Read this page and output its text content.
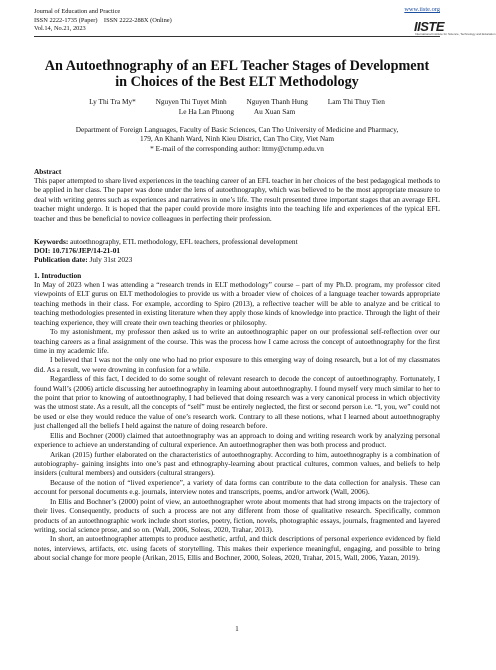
Journal of Education and Practice
ISSN 2222-1735 (Paper)    ISSN 2222-288X (Online)
Vol.14, No.21, 2023
www.iiste.org
IISTE
International Institute for Science, Technology and Education
An Autoethnography of an EFL Teacher Stages of Development
in Choices of the Best ELT Methodology
Ly Thi Tra My*	Nguyen Thi Tuyet Minh	Nguyen Thanh Hung	Lam Thi Thuy Tien
Le Ha Lan Phuong	Au Xuan Sam
Department of Foreign Languages, Faculty of Basic Sciences, Can Tho University of Medicine and Pharmacy,
179, An Khanh Ward, Ninh Kieu District, Can Tho City, Viet Nam
* E-mail of the corresponding author: lttmy@ctump.edu.vn
Abstract
This paper attempted to share lived experiences in the teaching career of an EFL teacher in her choices of the best pedagogical methods to be applied in her class. The paper was done under the lens of autoethnography, which was believed to be the most appropriate measure to deal with writing genres such as experiences and narratives in one’s life. The result presented three important stages that an average EFL teacher might undergo. It is hoped that the paper could provide more insights into the teaching life and experiences of the typical EFL teacher and thus be beneficial to novice colleagues in perfecting their profession.
Keywords: autoethnography, ETL methodology, EFL teachers, professional development
DOI: 10.7176/JEP/14-21-01
Publication date: July 31st 2023
1. Introduction

In May of 2023 when I was attending a “research trends in ELT methodology” course – part of my Ph.D. program, my professor cited viewpoints of ELT gurus on ELT methodologies to provide us with a broader view of choices of a language teacher towards appropriate teaching methods in their class. For example, according to Spiro (2013), a reflective teacher will be able to analyze and be critical to teaching methodologies presented in existing literature when they apply those kinds of knowledge into practice. Through the light of their teaching experience, they will create their own teaching theories or philosophy.

To my astonishment, my professor then asked us to write an autoethnographic paper on our professional self-reflection over our teaching careers as a final assignment of the course. This was the process how I came across the concept of autoethnography for the first time in my academic life.

I believed that I was not the only one who had no prior exposure to this emerging way of doing research, but a lot of my classmates did. As a result, we were drowning in confusion for a while.

Regardless of this fact, I decided to do some sought of relevant research to decode the concept of autoethnography. Fortunately, I found Wall’s (2006) article discussing her autoethnography in learning about autoethnography. I found myself very much similar to her to the point that prior to knowing of autoethnography, I had believed that doing research was a very canonical process in which objectivity was the utmost state. As a result, all the concepts of “self” must be entirely neglected, the first or second person i.e. “I, you, we” could not be used or else they would reduce the value of one’s research work. Contrary to all these notions, what I learned about autoethnography just challenged all the beliefs I held against the nature of doing research before.

Ellis and Bochner (2000) claimed that autoethnography was an approach to doing and writing research work by analyzing personal experience to achieve an understanding of cultural experience. An autoethnographer then was both process and product.

Arikan (2015) further elaborated on the characteristics of autoethnography. According to him, autoethnography is a combination of autobiography- gaining insights into one’s past and ethnography-learning about practical cultures, common values, and beliefs to help insiders (cultural members) and outsiders (cultural strangers).

Because of the notion of “lived experience”, a variety of data forms can contribute to the data collection for analysis. These can account for personal documents e.g. journals, interview notes and transcripts, poems, and/or artwork (Wall, 2006).

In Ellis and Bochner’s (2000) point of view, an autoethnographer wrote about moments that had strong impacts on the trajectory of their lives. Consequently, products of such a process are not any different from those of qualitative research. Specifically, common products of an autoethnographic work include short stories, poetry, fiction, novels, photographic essays, journals, fragmented and layered writing, social science prose, and so on. (Wall, 2006, Soleas, 2020, Trahar, 2013).

In short, an autoethnographer attempts to produce aesthetic, artful, and thick descriptions of personal experience evidenced by field notes, interviews, artifacts, etc. using facets of storytelling. This makes their experience meaningful, engaging, and possible to bring about social change for more people (Arikan, 2015, Ellis and Bochner, 2000, Soleas, 2020, Trahar, 2015, Wall, 2006, Yazan, 2019).

1
